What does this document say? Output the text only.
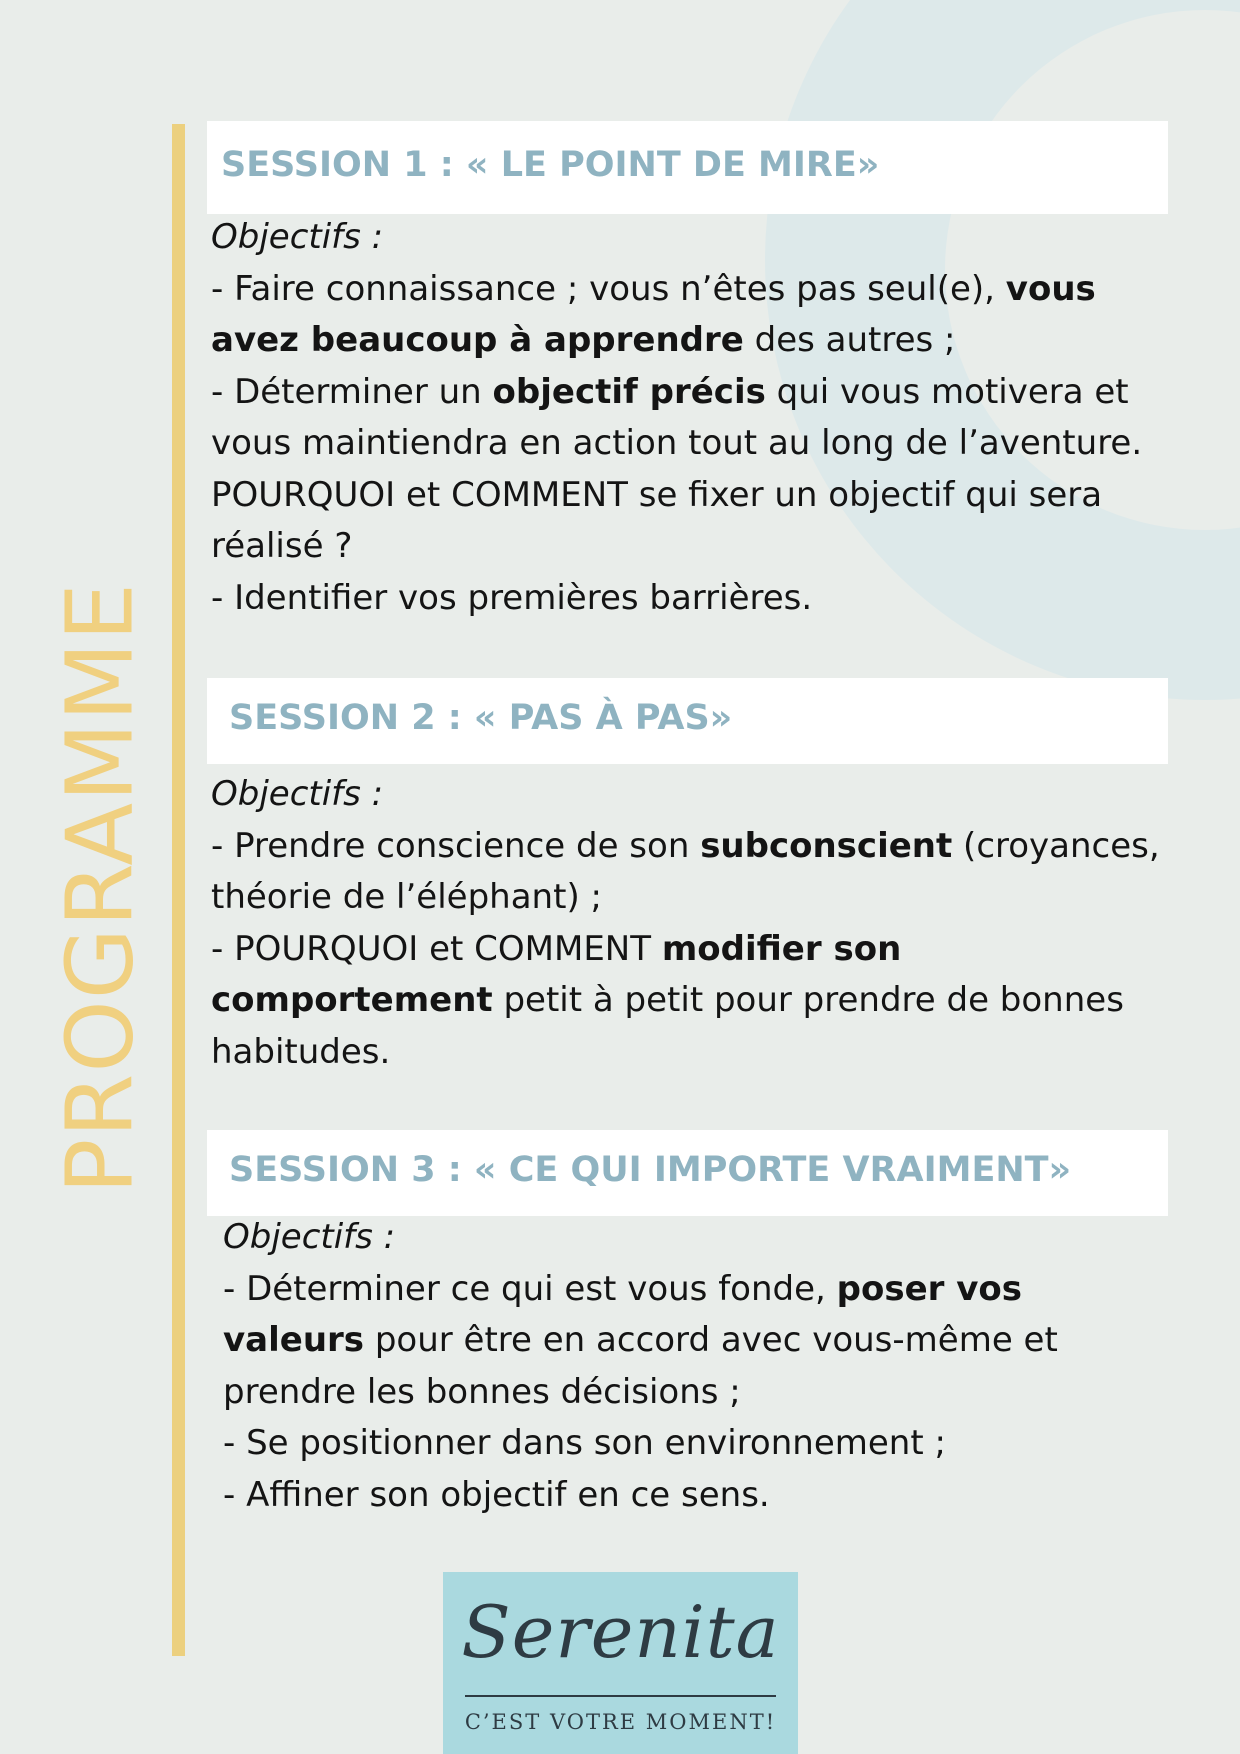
PROGRAMME
SESSION 1 : « LE POINT DE MIRE»

Objectifs :

- Faire connaissance ; vous n’êtes pas seul(e), vous avez beaucoup à apprendre des autres ;

- Déterminer un objectif précis qui vous motivera et vous maintiendra en action tout au long de l’aventure. POURQUOI et COMMENT se fixer un objectif qui sera réalisé ?

- Identifier vos premières barrières.

SESSION 2 : « PAS À PAS»

Objectifs :

- Prendre conscience de son subconscient (croyances, théorie de l’éléphant) ;

- POURQUOI et COMMENT modifier son comportement petit à petit pour prendre de bonnes habitudes.

SESSION 3 : « CE QUI IMPORTE VRAIMENT»

Objectifs :

- Déterminer ce qui est vous fonde, poser vos valeurs pour être en accord avec vous-même et prendre les bonnes décisions ;

- Se positionner dans son environnement ;

- Affiner son objectif en ce sens.

Serenita
C’EST VOTRE MOMENT!
